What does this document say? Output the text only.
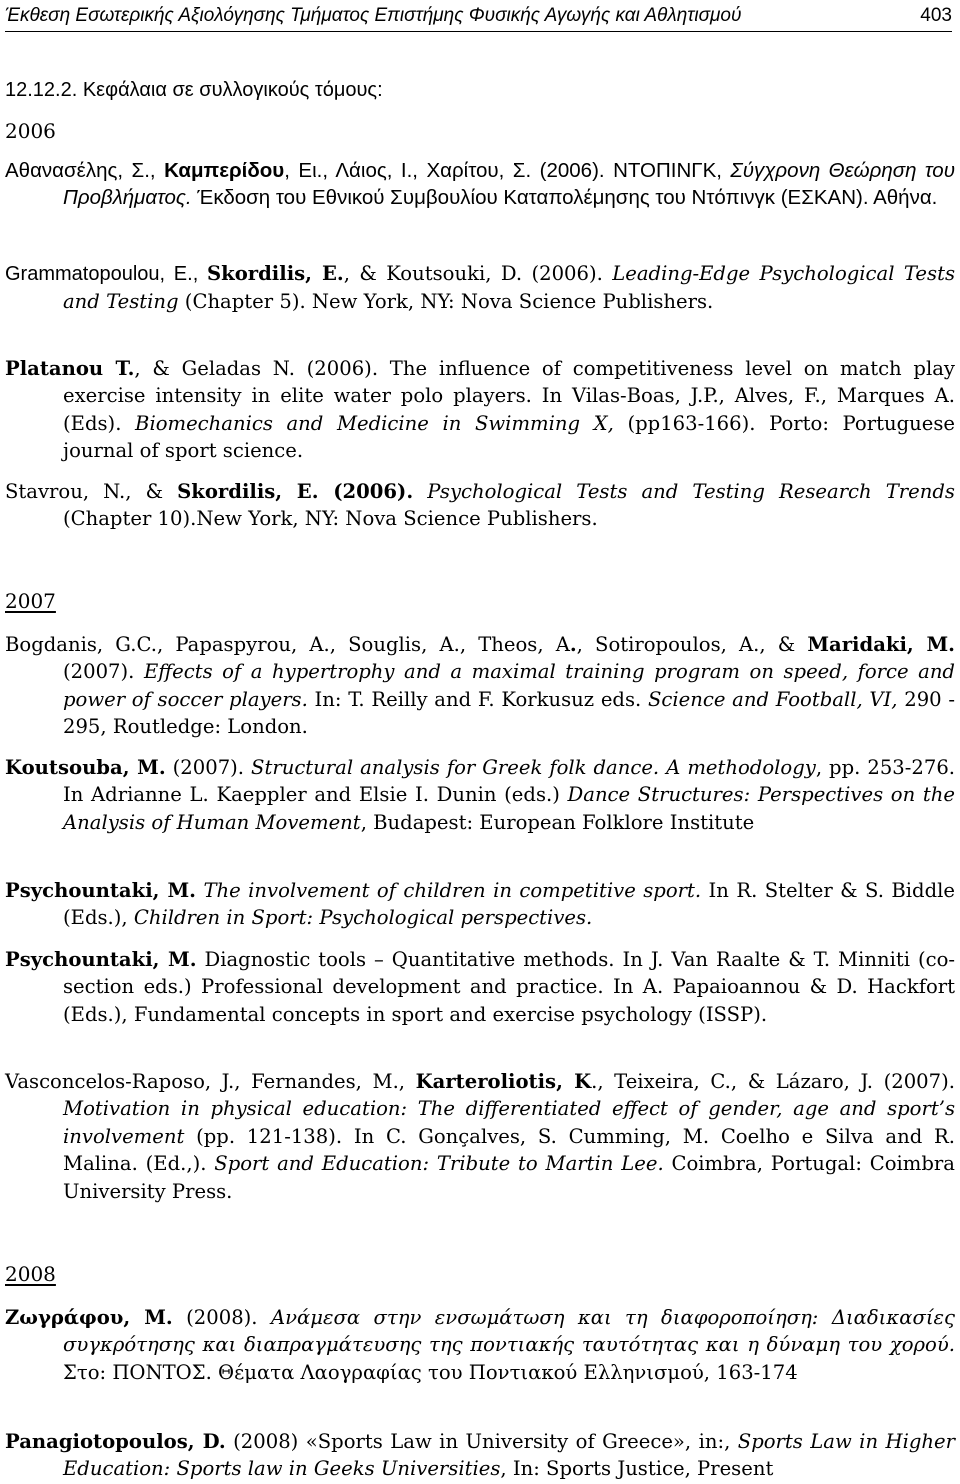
Έκθεση Εσωτερικής Αξιολόγησης Τμήματος Επιστήμης Φυσικής Αγωγής και Αθλητισμού	403
12.12.2. Κεφάλαια σε συλλογικούς τόμους:
2006
Αθανασέλης, Σ., Καμπερίδου, Ει., Λάιος, Ι., Χαρίτου, Σ. (2006). ΝΤΟΠΙΝΓΚ, Σύγχρονη Θεώρηση του Προβλήματος. Έκδοση του Εθνικού Συμβουλίου Καταπολέμησης του Ντόπινγκ (ΕΣΚΑΝ). Αθήνα.
Grammatopoulou, E., Skordilis, E., & Koutsouki, D. (2006). Leading-Edge Psychological Tests and Testing (Chapter 5). New York, NY: Nova Science Publishers.
Platanou T., & Geladas N. (2006). The influence of competitiveness level on match play exercise intensity in elite water polo players. In Vilas-Boas, J.P., Alves, F., Marques A. (Eds). Biomechanics and Medicine in Swimming X, (pp163-166). Porto: Portuguese journal of sport science.
Stavrou, N., & Skordilis, E. (2006). Psychological Tests and Testing Research Trends (Chapter 10).New York, NY: Nova Science Publishers.
2007
Bogdanis, G.C., Papaspyrou, A., Souglis, A., Theos, A., Sotiropoulos, A., & Maridaki, M. (2007). Effects of a hypertrophy and a maximal training program on speed, force and power of soccer players. In: T. Reilly and F. Korkusuz eds. Science and Football, VI, 290 - 295, Routledge: London.
Koutsouba, M. (2007). Structural analysis for Greek folk dance. A methodology, pp. 253-276. In Adrianne L. Kaeppler and Elsie I. Dunin (eds.) Dance Structures: Perspectives on the Analysis of Human Movement, Budapest: European Folklore Institute
Psychountaki, M. The involvement of children in competitive sport. In R. Stelter & S. Biddle (Eds.), Children in Sport: Psychological perspectives.
Psychountaki, M. Diagnostic tools – Quantitative methods. In J. Van Raalte & T. Minniti (co-section eds.) Professional development and practice. In A. Papaioannou & D. Hackfort (Eds.), Fundamental concepts in sport and exercise psychology (ISSP).
Vasconcelos-Raposo, J., Fernandes, M., Karteroliotis, K., Teixeira, C., & Lázaro, J. (2007). Motivation in physical education: The differentiated effect of gender, age and sport’s involvement (pp. 121-138). In C. Gonçalves, S. Cumming, M. Coelho e Silva and R. Malina. (Ed.,). Sport and Education: Tribute to Martin Lee. Coimbra, Portugal: Coimbra University Press.
2008
Ζωγράφου, Μ. (2008). Ανάμεσα στην ενσωμάτωση και τη διαφοροποίηση: Διαδικασίες συγκρότησης και διαπραγμάτευσης της ποντιακής ταυτότητας και η δύναμη του χορού. Στο: ΠΟΝΤΟΣ. Θέματα Λαογραφίας του Ποντιακού Ελληνισμού, 163-174
Panagiotopoulos, D. (2008) «Sports Law in University of Greece», in:, Sports Law in Higher Education: Sports law in Geeks Universities, In: Sports Justice, Present
